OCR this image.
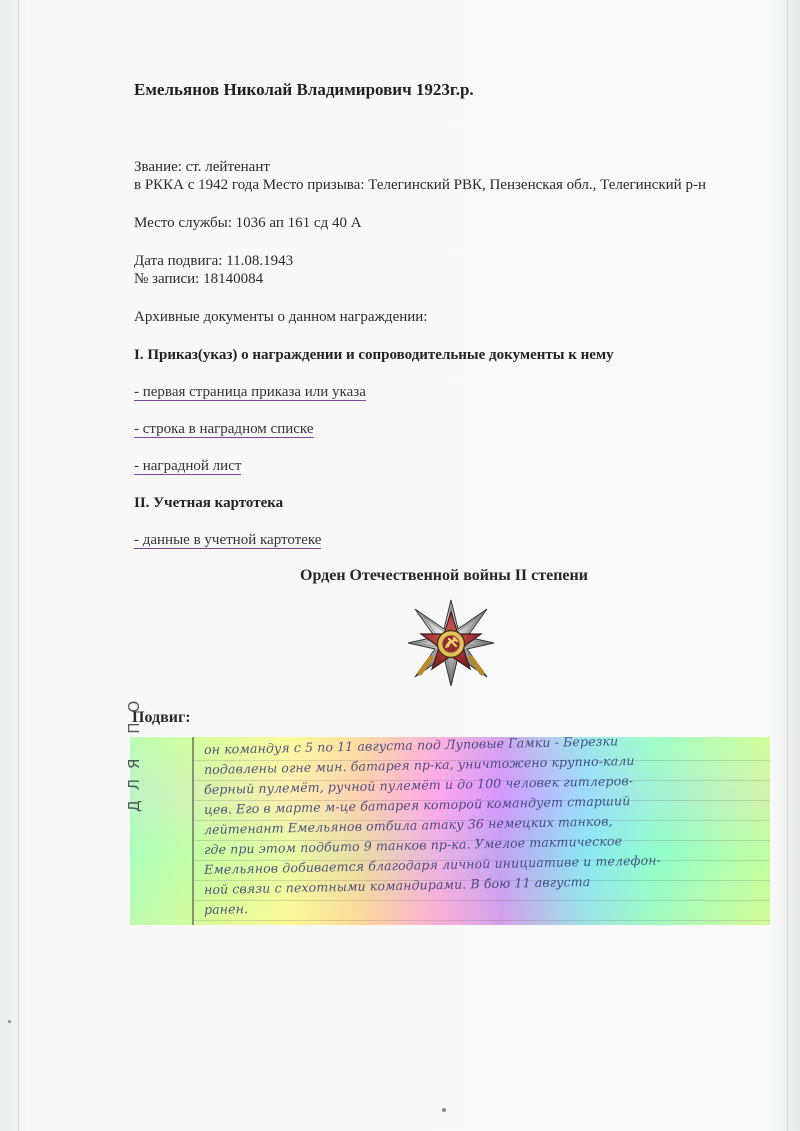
Емельянов Николай Владимирович 1923г.р.
Звание: ст. лейтенант
в РККА с 1942 года Место призыва: Телегинский РВК, Пензенская обл., Телегинский р-н
Место службы: 1036 ап 161 сд 40 А
Дата подвига: 11.08.1943
№ записи: 18140084
Архивные документы о данном награждении:
I. Приказ(указ) о награждении и сопроводительные документы к нему
- первая страница приказа или указа
- строка в наградном списке
- наградной лист
II. Учетная картотека
- данные в учетной картотеке
Орден Отечественной войны II степени
Подвиг:
ДЛЯ ПО	он командуя с 5 по 11 августа под Луповые Гамки - Березки
подавлены огне мин. батарея пр-ка, уничтожено крупно-кали
берный пулемёт, ручной пулемёт и до 100 человек гитлеров-
цев. Его в марте м-це батарея которой командует старший
лейтенант Емельянов отбила атаку 36 немецких танков,
где при этом подбито 9 танков пр-ка. Умелое тактическое
Емельянов добивается благодаря личной инициативе и телефон-
ной связи с пехотными командирами. В бою 11 августа
ранен.
